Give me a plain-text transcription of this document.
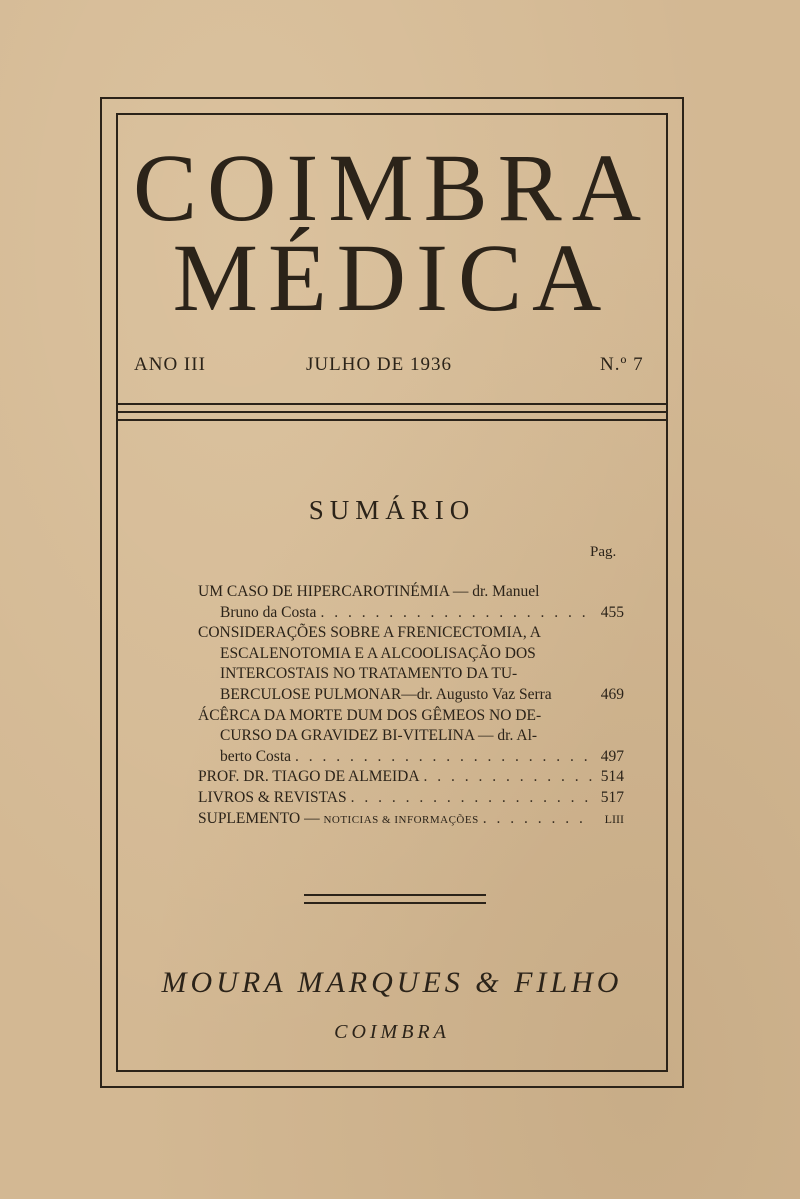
COIMBRA
MÉDICA
ANO III	JULHO DE 1936	N.º 7
SUMÁRIO
Pag.
UM CASO DE HIPERCAROTINÉMIA — dr. Manuel
Bruno da Costa . . .	455
CONSIDERAÇÕES SOBRE A FRENICECTOMIA, A
ESCALENOTOMIA E A ALCOOLISAÇÃO DOS
INTERCOSTAIS NO TRATAMENTO DA TU-
BERCULOSE PULMONAR—dr. Augusto Vaz Serra	469
ÁCÊRCA DA MORTE DUM DOS GÊMEOS NO DE-
CURSO DA GRAVIDEZ BI-VITELINA — dr. Al-
berto Costa . . .	497
PROF. DR. TIAGO DE ALMEIDA . . .	514
LIVROS & REVISTAS . . .	517
SUPLEMENTO —
NOTICIAS & INFORMAÇÕES . . .	LIII
MOURA MARQUES & FILHO
COIMBRA
